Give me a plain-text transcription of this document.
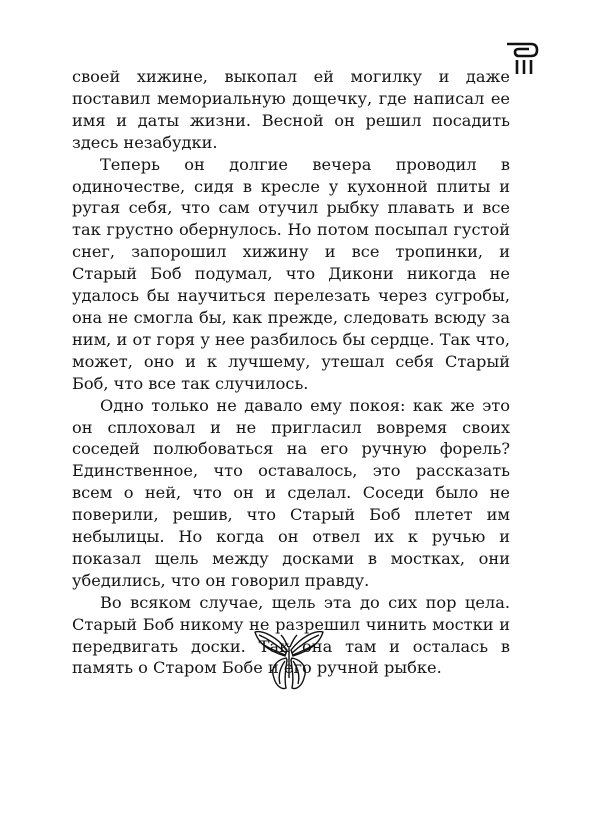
своей хижине, выкопал ей могилку и даже поставил мемориальную дощечку, где написал ее имя и даты жизни. Весной он решил посадить здесь незабудки.

Теперь он долгие вечера проводил в одиночестве, сидя в кресле у кухонной плиты и ругая себя, что сам отучил рыбку плавать и все так грустно обернулось. Но потом посыпал густой снег, запорошил хижину и все тропинки, и Старый Боб подумал, что Дикони никогда не удалось бы научиться перелезать через сугробы, она не смогла бы, как прежде, следовать всюду за ним, и от горя у нее разбилось бы сердце. Так что, может, оно и к лучшему, утешал себя Старый Боб, что все так случилось.

Одно только не давало ему покоя: как же это он сплоховал и не пригласил вовремя своих соседей полюбоваться на его ручную форель? Единственное, что оставалось, это рассказать всем о ней, что он и сделал. Соседи было не поверили, решив, что Старый Боб плетет им небылицы. Но когда он отвел их к ручью и показал щель между досками в мостках, они убедились, что он говорил правду.

Во всяком случае, щель эта до сих пор цела. Старый Боб никому не разрешил чинить мостки и передвигать доски. Так она там и осталась в память о Старом Бобе и его ручной рыбке.
